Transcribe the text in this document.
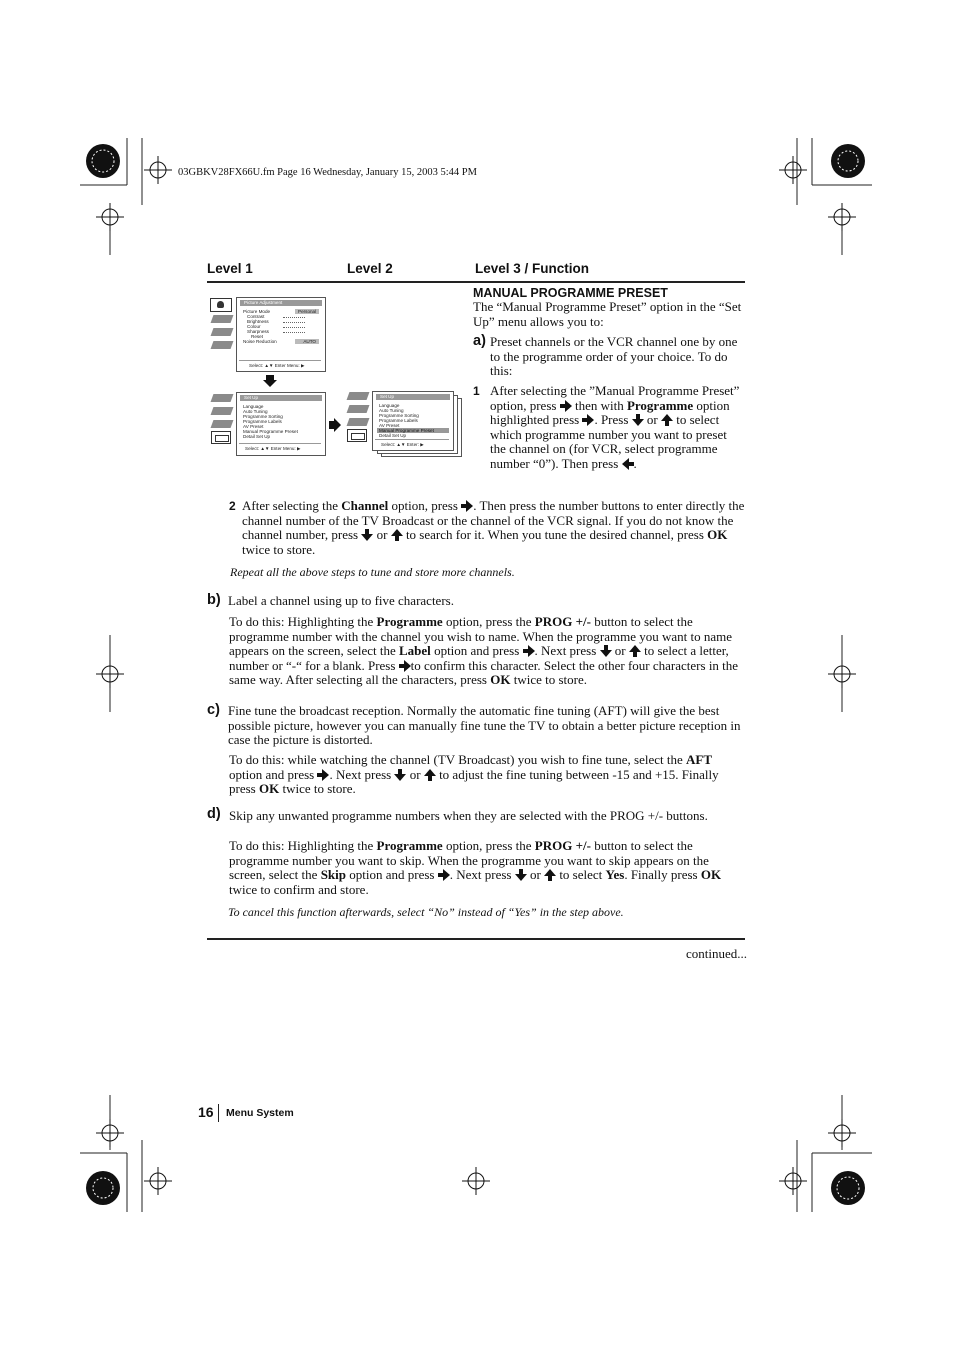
03GBKV28FX66U.fm Page 16 Wednesday, January 15, 2003 5:44 PM
Level 1	Level 2	Level 3 / Function
Picture Adjustment
Picture Mode
Contrast
Brightness
Colour
Sharpness
Reset
Noise Reduction
Personal
AUTO
Select: ▲▼ Enter Menu: ▶
Set Up
Language
Auto Tuning
Programme Sorting
Programme Labels
AV Preset
Manual Programme Preset
Detail Set Up
Select: ▲▼ Enter Menu: ▶
Set Up
Language
Auto Tuning
Programme Sorting
Programme Labels
AV Preset
Manual Programme Preset
Detail Set Up
Select: ▲▼ Enter: ▶
MANUAL PROGRAMME PRESET

The “Manual Programme Preset” option in the “Set Up” menu allows you to:

a) Preset channels or the VCR channel one by one to the programme order of your choice. To do this:

1 After selecting the ”Manual Programme Preset” option, press then with Programme option highlighted press . Press or to select which programme number you want to preset the channel on (for VCR, select programme number “0”). Then press .

2 After selecting the Channel option, press . Then press the number buttons to enter directly the channel number of the TV Broadcast or the channel of the VCR signal. If you do not know the channel number, press or to search for it. When you tune the desired channel, press OK twice to store.

Repeat all the above steps to tune and store more channels.

b) Label a channel using up to five characters.

To do this: Highlighting the Programme option, press the PROG +/- button to select the programme number with the channel you wish to name. When the programme you want to name appears on the screen, select the Label option and press . Next press or to select a letter, number or “-“ for a blank. Press to confirm this character. Select the other four characters in the same way. After selecting all the characters, press OK twice to store.

c) Fine tune the broadcast reception. Normally the automatic fine tuning (AFT) will give the best possible picture, however you can manually fine tune the TV to obtain a better picture reception in case the picture is distorted.

To do this: while watching the channel (TV Broadcast) you wish to fine tune, select the AFT option and press . Next press or to adjust the fine tuning between -15 and +15. Finally press OK twice to store.

d) Skip any unwanted programme numbers when they are selected with the PROG +/- buttons.

To do this: Highlighting the Programme option, press the PROG +/- button to select the programme number you want to skip. When the programme you want to skip appears on the screen, select the Skip option and press . Next press or to select Yes. Finally press OK twice to confirm and store.

To cancel this function afterwards, select “No” instead of “Yes” in the step above.

continued...
16 Menu System
